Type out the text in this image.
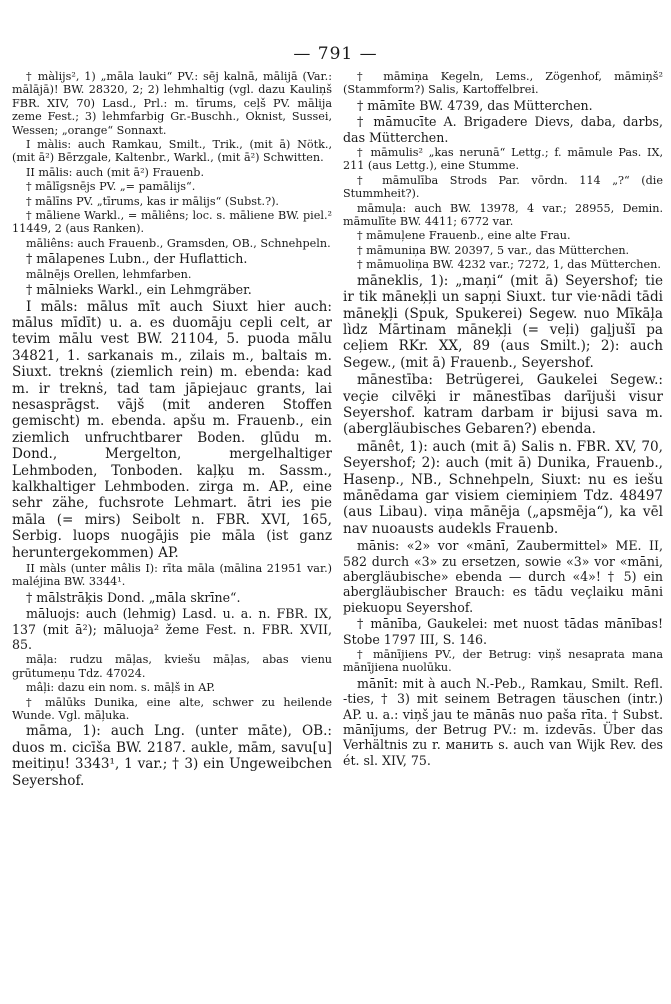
— 791 —

† màlijs², 1) „māla lauki“ PV.: sēj kalnā, mālijā (Var.: mālājā)! BW. 28320, 2; 2) lehmhaltig (vgl. dazu Kauliņš FBR. XIV, 70) Lasd., Prl.: m. tīrums, ceļš PV. mālija zeme Fest.; 3) lehmfarbig Gr.-Buschh., Oknist, Sussei, Wessen; „orange“ Sonnaxt.

I màlis: auch Ramkau, Smilt., Trik., (mit ā) Nötk., (mit ā²) Bērzgale, Kaltenbr., Warkl., (mit ā²) Schwitten.

II mālis: auch (mit ā²) Frauenb.

† mālīgsnējs PV. „= pamālijs“.

† mālīns PV. „tīrums, kas ir mālijs“ (Subst.?).

† māliene Warkl., = māliêns; loc. s. māliene BW. piel.² 11449, 2 (aus Ranken).

māliêns: auch Frauenb., Gramsden, OB., Schnehpeln.

† mālapenes Lubn., der Huflattich.

mālnējs Orellen, lehmfarben.

† mālnieks Warkl., ein Lehmgräber.

I māls: mālus mīt auch Siuxt hier auch: mālus mīdīt) u. a. es duomāju cepli celt, ar tevim mālu vest BW. 21104, 5. puoda mālu 34821, 1. sarkanais m., zilais m., baltais m. Siuxt. treknṡ (ziemlich rein) m. ebenda: kad m. ir treknṡ, tad tam jāpiejauc grants, lai nesasprāgst. vājš (mit anderen Stoffen gemischt) m. ebenda. apšu m. Frauenb., ein ziemlich unfruchtbarer Boden. glūdu m. Dond., Mergelton, mergelhaltiger Lehmboden, Tonboden. kaļķu m. Sassm., kalkhaltiger Lehmboden. zirga m. AP., eine sehr zähe, fuchsrote Lehmart. ātri ies pie māla (= mirs) Seibolt n. FBR. XVI, 165, Serbig. luops nuogājis pie māla (ist ganz heruntergekommen) AP.

II màls (unter mâlis I): rīta māla (mālina 21951 var.) maléjina BW. 3344¹.

† mālstrāķis Dond. „māla skrīne“.

māluojs: auch (lehmig) Lasd. u. a. n. FBR. IX, 137 (mit ā²); māluoja² žeme Fest. n. FBR. XVII, 85.

māļa: rudzu māļas, kviešu māļas, abas vienu grūtumeņu Tdz. 47024.

mâļi: dazu ein nom. s. māļš in AP.

† mālūks Dunika, eine alte, schwer zu heilende Wunde. Vgl. māļuka.

māma, 1): auch Lng. (unter māte), OB.: duos m. cicīša BW. 2187. aukle, mām, savu[u] meitiņu! 3343¹, 1 var.; † 3) ein Ungeweibchen Seyershof.

† māmiņa Kegeln, Lems., Zögenhof, māmiņš² (Stammform?) Salis, Kartoffelbrei.

† māmīte BW. 4739, das Mütterchen.

† māmucīte A. Brigadere Dievs, daba, darbs, das Mütterchen.

† māmulis² „kas nerunā“ Lettg.; f. māmule Pas. IX, 211 (aus Lettg.), eine Stumme.

† māmulība Strods Par. vōrdn. 114 „?“ (die Stummheit?).

māmuļa: auch BW. 13978, 4 var.; 28955, Demin. māmulīte BW. 4411; 6772 var.

† māmuļene Frauenb., eine alte Frau.

† māmuniņa BW. 20397, 5 var., das Mütterchen.

† māmuoliņa BW. 4232 var.; 7272, 1, das Mütterchen.

māneklis, 1): „maņi“ (mit ā) Seyershof; tie ir tik māneķļi un sapņi Siuxt. tur vie·nādi tādi māneķļi (Spuk, Spukerei) Segew. nuo Mīkāļa lìdz Mārtinam māneķļi (= veļi) gaļjušī pa ceļiem RKr. XX, 89 (aus Smilt.); 2): auch Segew., (mit ā) Frauenb., Seyershof.

mānestība: Betrügerei, Gaukelei Segew.: veçie cilvēķi ir mānestības darījuši visur Seyershof. katram darbam ir bijusi sava m. (abergläubisches Gebaren?) ebenda.

mānêt, 1): auch (mit ā) Salis n. FBR. XV, 70, Seyershof; 2): auch (mit ā) Dunika, Frauenb., Hasenp., NB., Schnehpeln, Siuxt: nu es iešu mānēdama gar visiem ciemiņiem Tdz. 48497 (aus Libau). viņa mānēja („apsmēja“), ka vēl nav nuoausts audekls Frauenb.

mānis: «2» vor «mānī, Zaubermittel» ME. II, 582 durch «3» zu ersetzen, sowie «3» vor «māni, abergläubische» ebenda — durch «4»! † 5) ein abergläubischer Brauch: es tādu veçlaiku māni piekuopu Seyershof.

† mānība, Gaukelei: met nuost tādas mānības! Stobe 1797 III, S. 146.

† mānījiens PV., der Betrug: viņš nesaprata mana mānījiena nuolūku.

mānīt: mit à auch N.-Peb., Ramkau, Smilt. Refl. -ties, † 3) mit seinem Betragen täuschen (intr.) AP. u. a.: viņš jau te mānās nuo pašа rīta. † Subst. mānījums, der Betrug PV.: m. izdevās. Über das Verhältnis zu r. манить s. auch van Wijk Rev. des ét. sl. XIV, 75.
